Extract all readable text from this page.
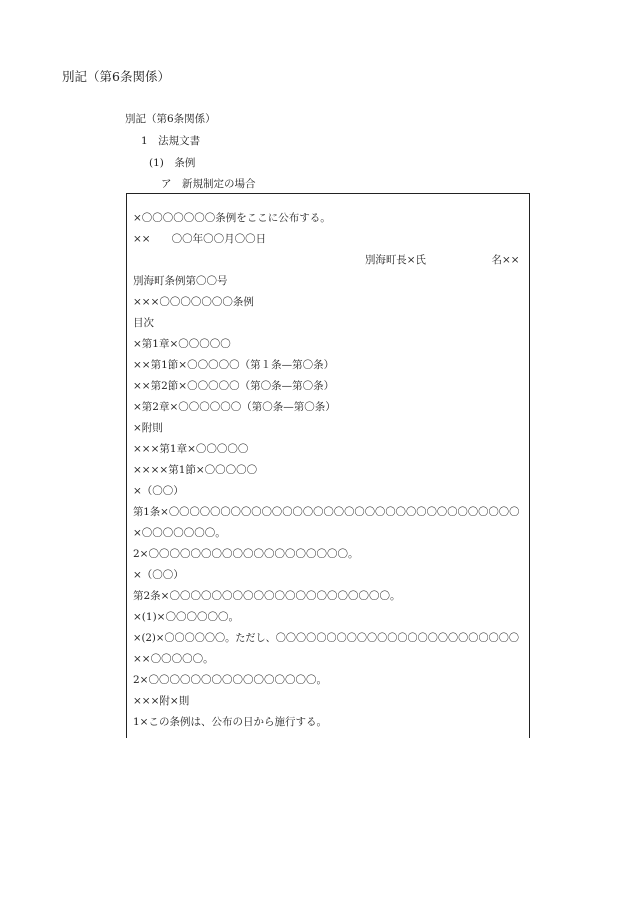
別記（第6条関係）
別記（第6条関係）
1　法規文書
(1)　条例
ア　新規制定の場合
×〇〇〇〇〇〇〇条例をここに公布する。
××　　〇〇年〇〇月〇〇日
別海町長×氏	名××
別海町条例第〇〇号
×××〇〇〇〇〇〇〇条例
目次
×第1章×〇〇〇〇〇
××第1節×〇〇〇〇〇（第１条—第〇条）
××第2節×〇〇〇〇〇（第〇条—第〇条）
×第2章×〇〇〇〇〇〇（第〇条—第〇条）
×附則
×××第1章×〇〇〇〇〇
××××第1節×〇〇〇〇〇
×（〇〇）
第1条×〇〇〇〇〇〇〇〇〇〇〇〇〇〇〇〇〇〇〇〇〇〇〇〇〇〇〇〇〇〇〇〇〇〇
×〇〇〇〇〇〇〇。
2×〇〇〇〇〇〇〇〇〇〇〇〇〇〇〇〇〇〇〇。
×（〇〇）
第2条×〇〇〇〇〇〇〇〇〇〇〇〇〇〇〇〇〇〇〇〇〇。
×(1)×〇〇〇〇〇〇。
×(2)×〇〇〇〇〇〇。ただし、〇〇〇〇〇〇〇〇〇〇〇〇〇〇〇〇〇〇〇〇〇〇〇〇
××〇〇〇〇〇。
2×〇〇〇〇〇〇〇〇〇〇〇〇〇〇〇〇。
×××附×則
1×この条例は、公布の日から施行する。
